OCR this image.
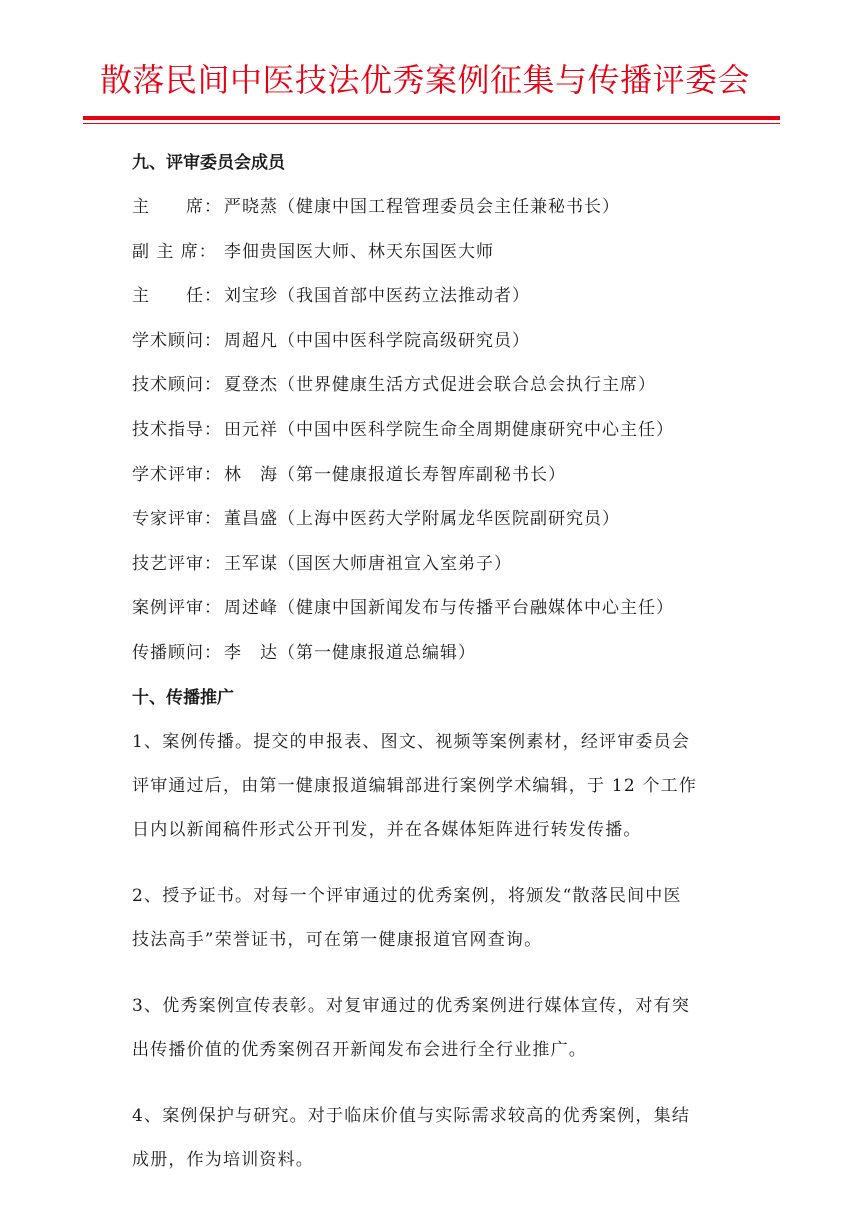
散落民间中医技法优秀案例征集与传播评委会
九、评审委员会成员
主　　席： 严晓蒸（健康中国工程管理委员会主任兼秘书长）
副 主 席： 李佃贵国医大师、林天东国医大师
主　　任： 刘宝珍（我国首部中医药立法推动者）
学术顾问： 周超凡（中国中医科学院高级研究员）
技术顾问： 夏登杰（世界健康生活方式促进会联合总会执行主席）
技术指导： 田元祥（中国中医科学院生命全周期健康研究中心主任）
学术评审： 林　海（第一健康报道长寿智库副秘书长）
专家评审： 董昌盛（上海中医药大学附属龙华医院副研究员）
技艺评审： 王军谋（国医大师唐祖宣入室弟子）
案例评审： 周述峰（健康中国新闻发布与传播平台融媒体中心主任）
传播顾问： 李　达（第一健康报道总编辑）
十、传播推广
1、案例传播。提交的申报表、图文、视频等案例素材，经评审委员会
评审通过后，由第一健康报道编辑部进行案例学术编辑，于 12 个工作
日内以新闻稿件形式公开刊发，并在各媒体矩阵进行转发传播。
2、授予证书。对每一个评审通过的优秀案例，将颁发“散落民间中医
技法高手”荣誉证书，可在第一健康报道官网查询。
3、优秀案例宣传表彰。对复审通过的优秀案例进行媒体宣传，对有突
出传播价值的优秀案例召开新闻发布会进行全行业推广。
4、案例保护与研究。对于临床价值与实际需求较高的优秀案例，集结
成册，作为培训资料。
